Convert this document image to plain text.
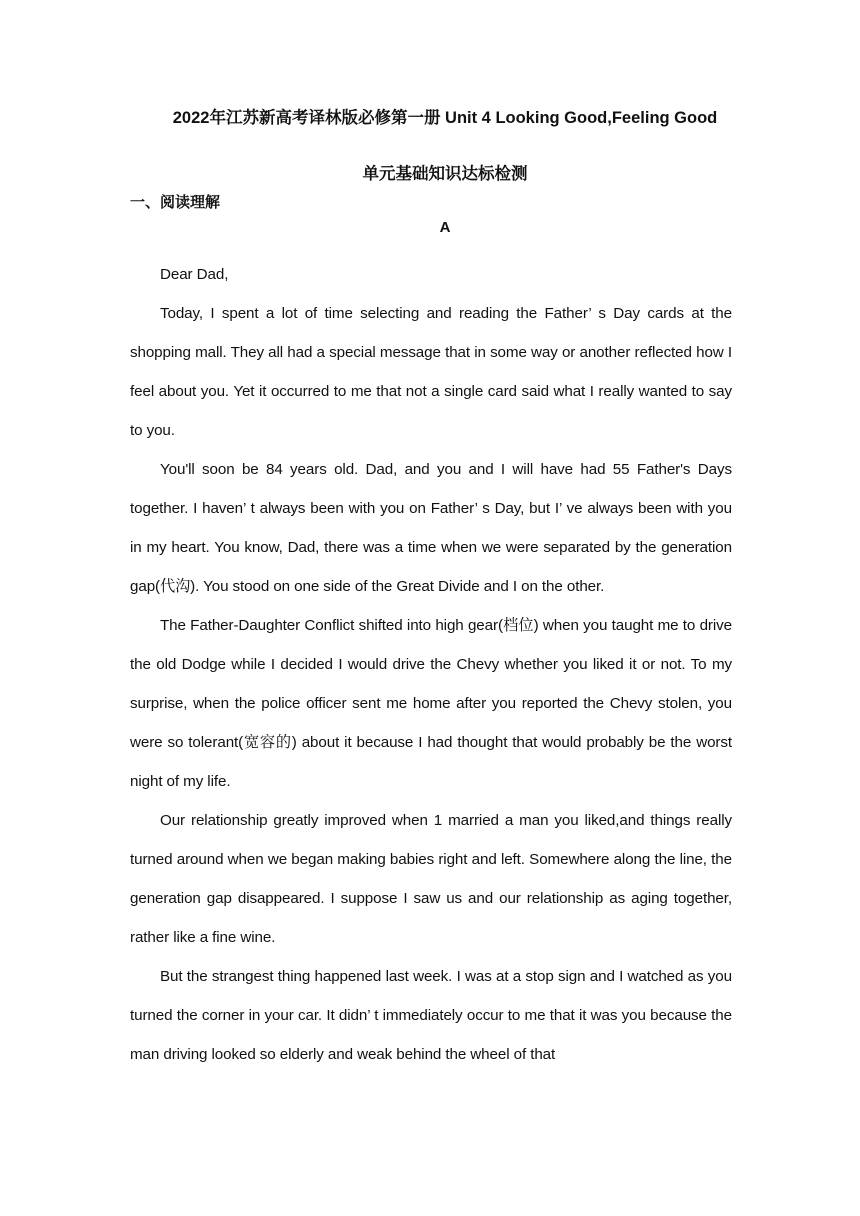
2022年江苏新高考译林版必修第一册 Unit 4 Looking Good,Feeling Good
单元基础知识达标检测
一、阅读理解
A

Dear Dad,

Today, I spent a lot of time selecting and reading the Father’ s Day cards at the shopping mall. They all had a special message that in some way or another reflected how I feel about you. Yet it occurred to me that not a single card said what I really wanted to say to you.

You'll soon be 84 years old. Dad, and you and I will have had 55 Father's Days together. I haven’ t always been with you on Father’ s Day, but I’ ve always been with you in my heart. You know, Dad, there was a time when we were separated by the generation gap(代沟). You stood on one side of the Great Divide and I on the other.

The Father-Daughter Conflict shifted into high gear(档位) when you taught me to drive the old Dodge while I decided I would drive the Chevy whether you liked it or not. To my surprise, when the police officer sent me home after you reported the Chevy stolen, you were so tolerant(宽容的) about it because I had thought that would probably be the worst night of my life.

Our relationship greatly improved when 1 married a man you liked,and things really turned around when we began making babies right and left. Somewhere along the line, the generation gap disappeared. I suppose I saw us and our relationship as aging together, rather like a fine wine.

But the strangest thing happened last week. I was at a stop sign and I watched as you turned the corner in your car. It didn’ t immediately occur to me that it was you because the man driving looked so elderly and weak behind the wheel of that
